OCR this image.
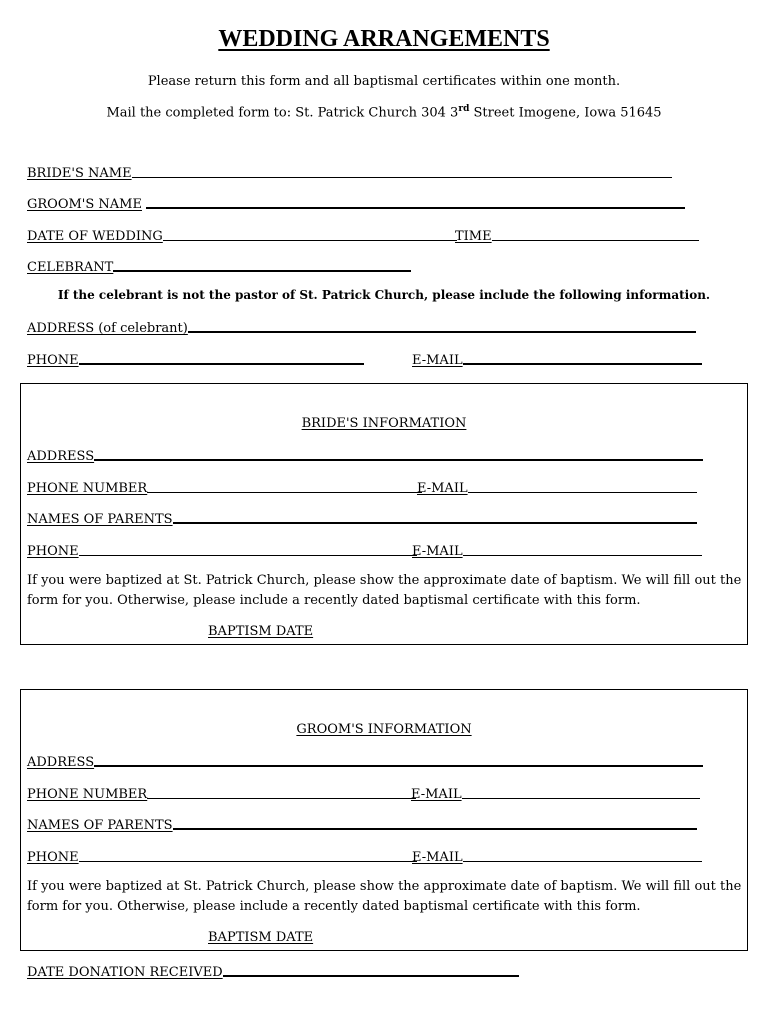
WEDDING ARRANGEMENTS
Please return this form and all baptismal certificates within one month.
Mail the completed form to: St. Patrick Church 304 3rd Street Imogene, Iowa 51645
BRIDE'S NAME
GROOM'S NAME
DATE OF WEDDING	TIME
CELEBRANT
If the celebrant is not the pastor of St. Patrick Church, please include the following information.
ADDRESS (of celebrant)
PHONE	E-MAIL
BRIDE'S INFORMATION
ADDRESS
PHONE NUMBER	E-MAIL
NAMES OF PARENTS
PHONE	E-MAIL
If you were baptized at St. Patrick Church, please show the approximate date of baptism. We will fill out the form for you. Otherwise, please include a recently dated baptismal certificate with this form.
BAPTISM DATE
GROOM'S INFORMATION
ADDRESS
PHONE NUMBER	E-MAIL
NAMES OF PARENTS
PHONE	E-MAIL
If you were baptized at St. Patrick Church, please show the approximate date of baptism. We will fill out the form for you. Otherwise, please include a recently dated baptismal certificate with this form.
BAPTISM DATE
DATE DONATION RECEIVED
